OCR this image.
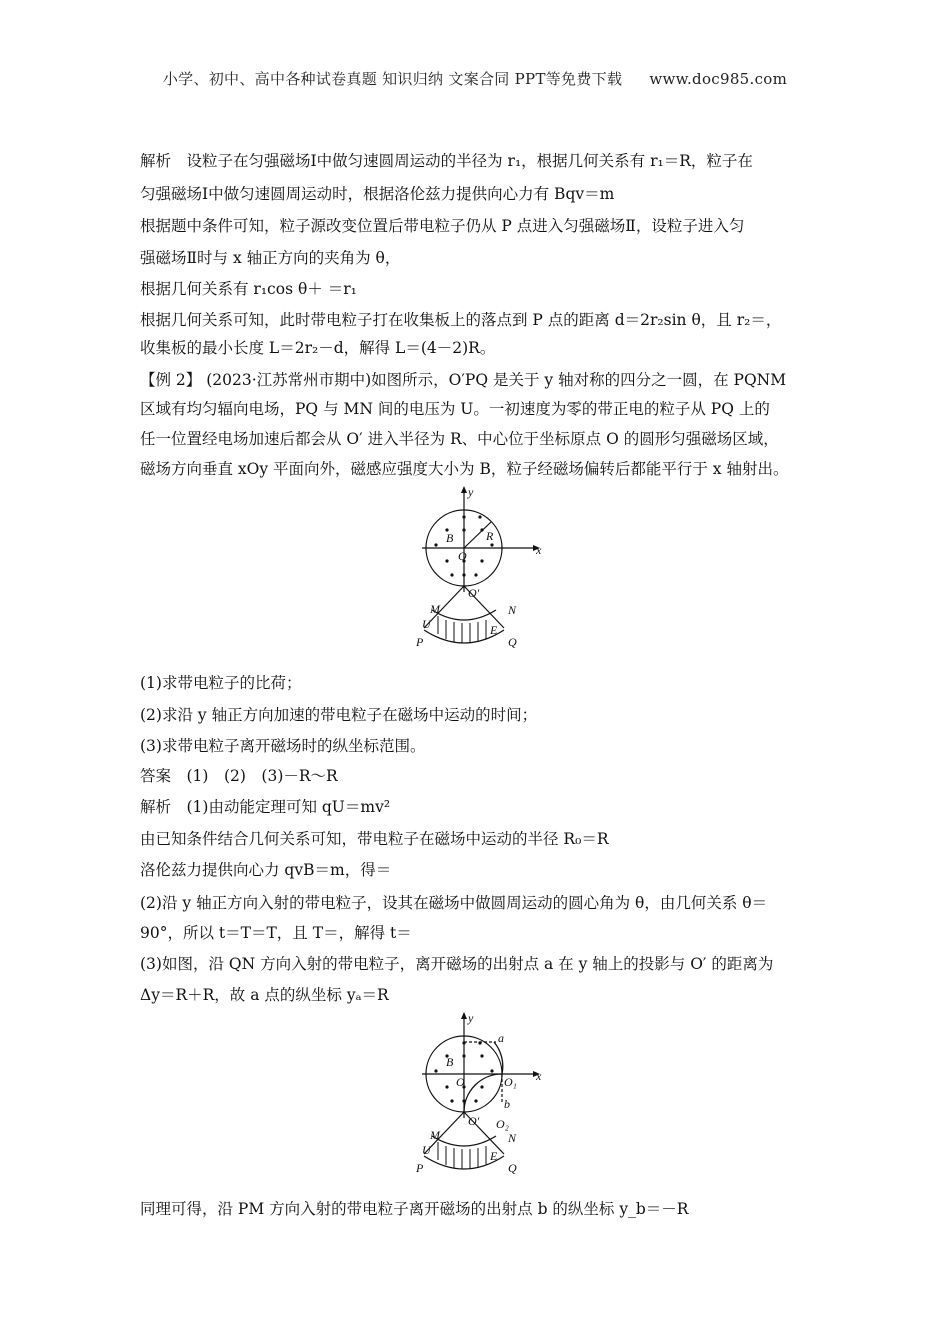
小学、初中、高中各种试卷真题 知识归纳 文案合同 PPT等免费下载 www.doc985.com
解析　设粒子在匀强磁场Ⅰ中做匀速圆周运动的半径为 r₁，根据几何关系有 r₁＝R，粒子在
匀强磁场Ⅰ中做匀速圆周运动时，根据洛伦兹力提供向心力有 Bqv＝m
根据题中条件可知，粒子源改变位置后带电粒子仍从 P 点进入匀强磁场Ⅱ，设粒子进入匀
强磁场Ⅱ时与 x 轴正方向的夹角为 θ，
根据几何关系有 r₁cos θ＋ ＝r₁
根据几何关系可知，此时带电粒子打在收集板上的落点到 P 点的距离 d＝2r₂sin θ，且 r₂＝，
收集板的最小长度 L＝2r₂－d，解得 L＝(4－2)R。
【例 2】 (2023·江苏常州市期中)如图所示，O′PQ 是关于 y 轴对称的四分之一圆，在 PQNM
区域有均匀辐向电场，PQ 与 MN 间的电压为 U。一初速度为零的带正电的粒子从 PQ 上的
任一位置经电场加速后都会从 O′ 进入半径为 R、中心位于坐标原点 O 的圆形匀强磁场区域，
磁场方向垂直 xOy 平面向外，磁感应强度大小为 B，粒子经磁场偏转后都能平行于 x 轴射出。
y
x
B	R
O
O′
M	N
U	E
P	Q
(1)求带电粒子的比荷；
(2)求沿 y 轴正方向加速的带电粒子在磁场中运动的时间；
(3)求带电粒子离开磁场时的纵坐标范围。
答案　(1)　(2)　(3)－R～R
解析　(1)由动能定理可知 qU＝mv²
由已知条件结合几何关系可知，带电粒子在磁场中运动的半径 R₀＝R
洛伦兹力提供向心力 qvB＝m，得＝
(2)沿 y 轴正方向入射的带电粒子，设其在磁场中做圆周运动的圆心角为 θ，由几何关系 θ＝
90°，所以 t＝T＝T，且 T＝，解得 t＝
(3)如图，沿 QN 方向入射的带电粒子，离开磁场的出射点 a 在 y 轴上的投影与 O′ 的距离为
Δy＝R＋R，故 a 点的纵坐标 yₐ＝R
y
x
B
O	O₁
a
b
O′ O₂
M	N
U	E
P	Q
同理可得，沿 PM 方向入射的带电粒子离开磁场的出射点 b 的纵坐标 y_b＝－R
